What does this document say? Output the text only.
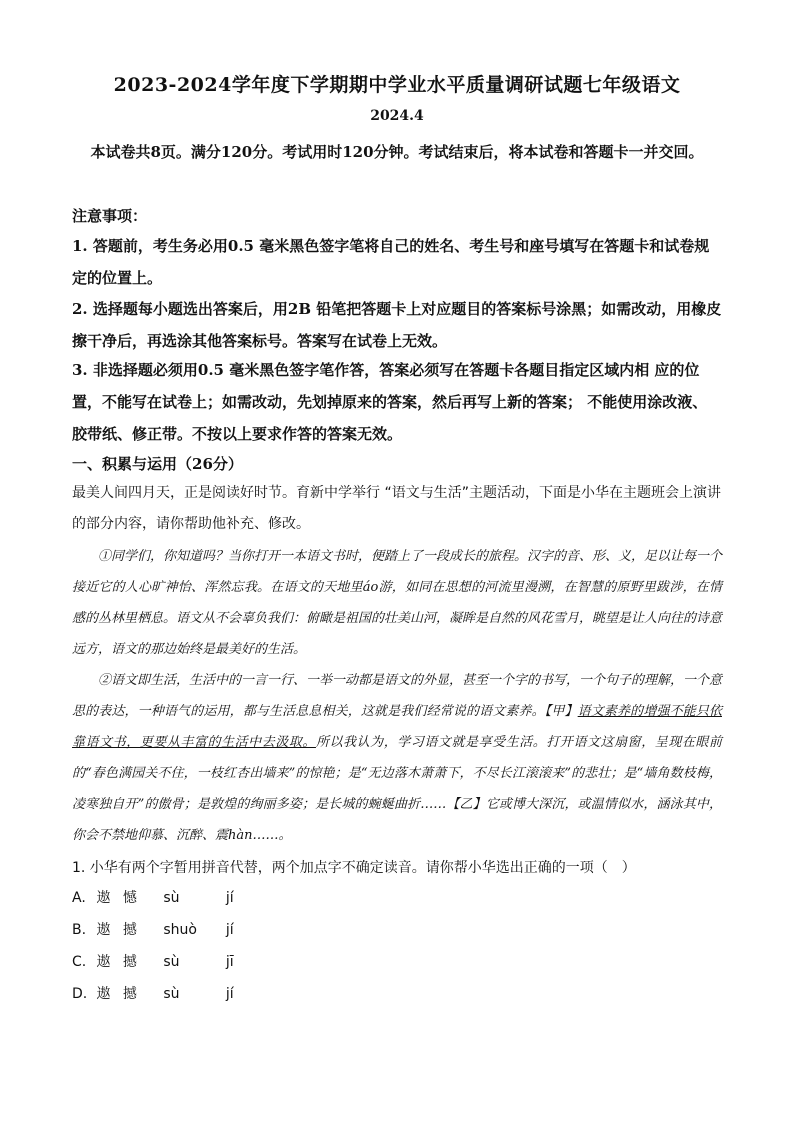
2023-2024学年度下学期期中学业水平质量调研试题七年级语文
2024.4
本试卷共8页。满分120分。考试用时120分钟。考试结束后，将本试卷和答题卡一并交回。
注意事项：
1. 答题前，考生务必用0.5 毫米黑色签字笔将自己的姓名、考生号和座号填写在答题卡和试卷规定的位置上。
2. 选择题每小题选出答案后，用2B 铅笔把答题卡上对应题目的答案标号涂黑；如需改动，用橡皮擦干净后，再选涂其他答案标号。答案写在试卷上无效。
3. 非选择题必须用0.5 毫米黑色签字笔作答，答案必须写在答题卡各题目指定区域内相 应的位置，不能写在试卷上；如需改动，先划掉原来的答案，然后再写上新的答案； 不能使用涂改液、胶带纸、修正带。不按以上要求作答的答案无效。
一、积累与运用（26分）
最美人间四月天，正是阅读好时节。育新中学举行 “语文与生活”主题活动，下面是小华在主题班会上演讲的部分内容，请你帮助他补充、修改。
①同学们，你知道吗？当你打开一本语文书时，便踏上了一段成长的旅程。汉字的音、形、义，足以让每一个接近它的人心旷神怡、浑然忘我。在语文的天地里áo游，如同在思想的河流里漫溯，在智慧的原野里跋涉，在情感的丛林里栖息。语文从不会辜负我们：俯瞰是祖国的壮美山河，凝眸是自然的风花雪月，眺望是让人向往的诗意远方，语文的那边始终是最美好的生活。
②语文即生活，生活中的一言一行、一举一动都是语文的外显，甚至一个字的书写，一个句子的理解，一个意思的表达，一种语气的运用，都与生活息息相关，这就是我们经常说的语文素养。【甲】语文素养的增强不能只依靠语文书，更要从丰富的生活中去汲取。所以我认为，学习语文就是享受生活。打开语文这扇窗，呈现在眼前的“春色满园关不住，一枝红杏出墙来”的惊艳；是“无边落木萧萧下，不尽长江滚滚来”的悲壮；是“墙角数枝梅，凌寒独自开”的傲骨；是敦煌的绚丽多姿；是长城的蜿蜒曲折……【乙】它或博大深沉，或温情似水，涵泳其中，你会不禁地仰慕、沉醉、震hàn……。
1. 小华有两个字暂用拼音代替，两个加点字不确定读音。请你帮小华选出正确的一项（　）
A. 遨 憾 sù	jí
B. 遨 撼 shuò jí
C. 遨 撼 sù	jī
D. 遨 撼 sù	jí
